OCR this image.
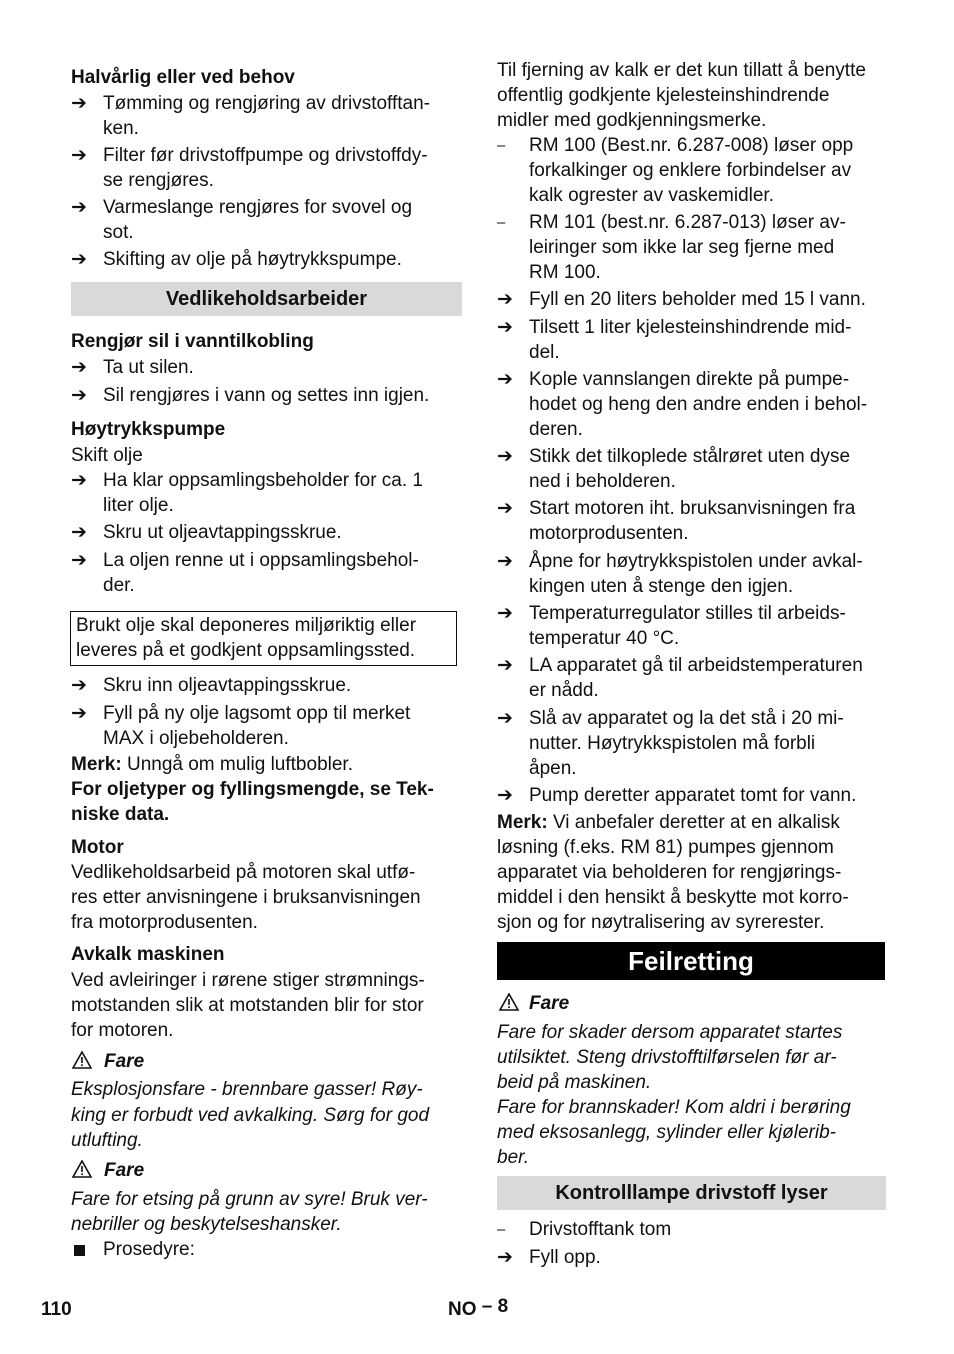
Halvårlig eller ved behov
➔ Tømming og rengjøring av drivstofftan-
ken.
➔ Filter før drivstoffpumpe og drivstoffdy-
se rengjøres.
➔ Varmeslange rengjøres for svovel og
sot.
➔ Skifting av olje på høytrykkspumpe.
Vedlikeholdsarbeider
Rengjør sil i vanntilkobling
➔ Ta ut silen.
➔ Sil rengjøres i vann og settes inn igjen.
Høytrykkspumpe
Skift olje
➔ Ha klar oppsamlingsbeholder for ca. 1
liter olje.
➔ Skru ut oljeavtappingsskrue.
➔ La oljen renne ut i oppsamlingsbehol-
der.
Brukt olje skal deponeres miljøriktig eller
leveres på et godkjent oppsamlingssted.
➔ Skru inn oljeavtappingsskrue.
➔ Fyll på ny olje lagsomt opp til merket
MAX i oljebeholderen.
Merk: Unngå om mulig luftbobler.
For oljetyper og fyllingsmengde, se Tek-
niske data.
Motor
Vedlikeholdsarbeid på motoren skal utfø-
res etter anvisningene i bruksanvisningen
fra motorprodusenten.
Avkalk maskinen
Ved avleiringer i rørene stiger strømnings-
motstanden slik at motstanden blir for stor
for motoren.
Fare
Eksplosjonsfare - brennbare gasser! Røy-
king er forbudt ved avkalking. Sørg for god
utlufting.
Fare
Fare for etsing på grunn av syre! Bruk ver-
nebriller og beskytelseshansker.
Prosedyre:
Til fjerning av kalk er det kun tillatt å benytte
offentlig godkjente kjelesteinshindrende
midler med godkjenningsmerke.
– RM 100 (Best.nr. 6.287-008) løser opp
forkalkinger og enklere forbindelser av
kalk ogrester av vaskemidler.
– RM 101 (best.nr. 6.287-013) løser av-
leiringer som ikke lar seg fjerne med
RM 100.
➔ Fyll en 20 liters beholder med 15 l vann.
➔ Tilsett 1 liter kjelesteinshindrende mid-
del.
➔ Kople vannslangen direkte på pumpe-
hodet og heng den andre enden i behol-
deren.
➔ Stikk det tilkoplede stålrøret uten dyse
ned i beholderen.
➔ Start motoren iht. bruksanvisningen fra
motorprodusenten.
➔ Åpne for høytrykkspistolen under avkal-
kingen uten å stenge den igjen.
➔ Temperaturregulator stilles til arbeids-
temperatur 40 °C.
➔ LA apparatet gå til arbeidstemperaturen
er nådd.
➔ Slå av apparatet og la det stå i 20 mi-
nutter. Høytrykkspistolen må forbli
åpen.
➔ Pump deretter apparatet tomt for vann.
Merk: Vi anbefaler deretter at en alkalisk
løsning (f.eks. RM 81) pumpes gjennom
apparatet via beholderen for rengjørings-
middel i den hensikt å beskytte mot korro-
sjon og for nøytralisering av syrerester.
Feilretting
Fare
Fare for skader dersom apparatet startes
utilsiktet. Steng drivstofftilførselen før ar-
beid på maskinen.
Fare for brannskader! Kom aldri i berøring
med eksosanlegg, sylinder eller kjølerib-
ber.
Kontrolllampe drivstoff lyser
– Drivstofftank tom
➔ Fyll opp.
110	NO – 8
